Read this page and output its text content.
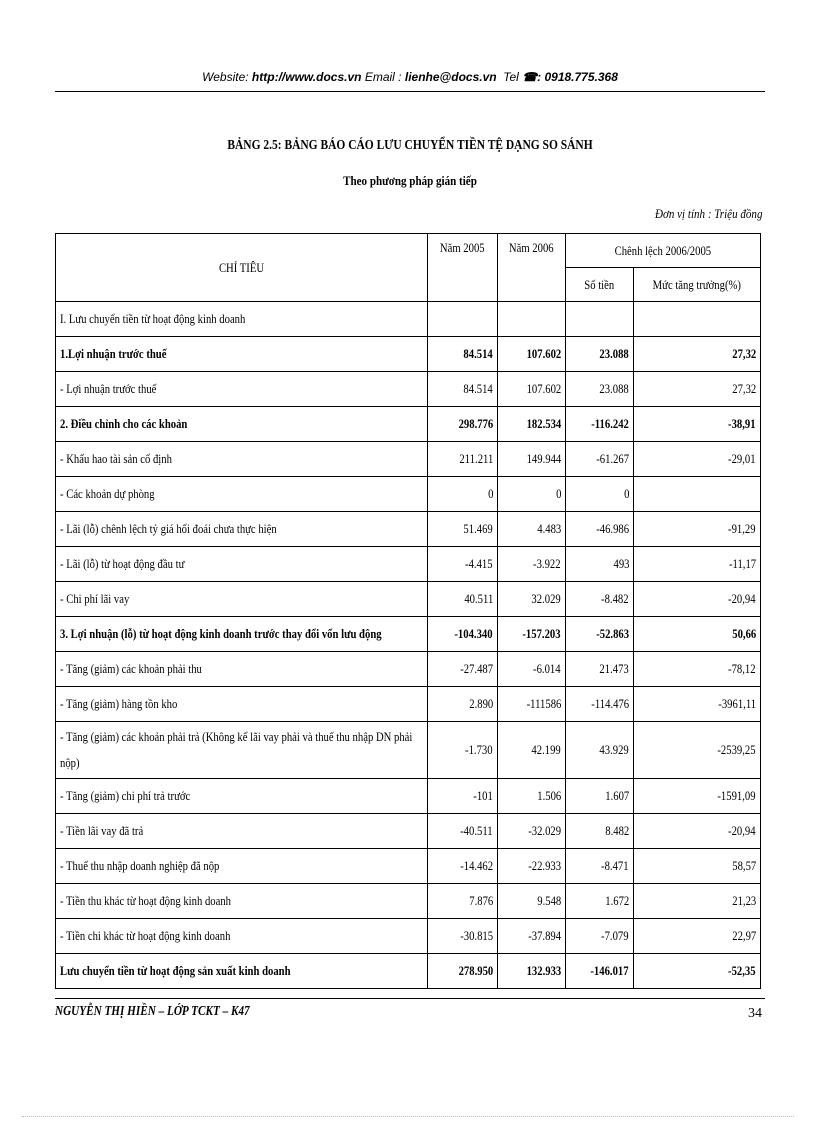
Website: http://www.docs.vn Email : lienhe@docs.vn Tel ☎: 0918.775.368
BẢNG 2.5: BẢNG BÁO CÁO LƯU CHUYỂN TIỀN TỆ DẠNG SO SÁNH
Theo phương pháp gián tiếp
Đơn vị tính : Triệu đồng
CHỈ TIÊU	Năm 2005	Năm 2006	Chênh lệch 2006/2005	
			Số tiền	Mức tăng trưởng(%)
I. Lưu chuyển tiền từ hoạt động kinh doanh				
1.Lợi nhuận trước thuế	84.514	107.602	23.088	27,32
- Lợi nhuận trước thuế	84.514	107.602	23.088	27,32
2. Điều chỉnh cho các khoản	298.776	182.534	-116.242	-38,91
- Khấu hao tài sản cố định	211.211	149.944	-61.267	-29,01
- Các khoản dự phòng	0	0	0	
- Lãi (lỗ) chênh lệch tỷ giá hối đoái chưa thực hiện	51.469	4.483	-46.986	-91,29
- Lãi (lỗ) từ hoạt động đầu tư	-4.415	-3.922	493	-11,17
- Chi phí lãi vay	40.511	32.029	-8.482	-20,94
3. Lợi nhuận (lỗ) từ hoạt động kinh doanh trước thay đổi vốn lưu động	-104.340	-157.203	-52.863	50,66
- Tăng (giảm) các khoản phải thu	-27.487	-6.014	21.473	-78,12
- Tăng (giảm) hàng tồn kho	2.890	-111586	-114.476	-3961,11
- Tăng (giảm) các khoản phải trả (Không kể lãi vay phải và thuế thu nhập DN phải nộp)	-1.730	42.199	43.929	-2539,25
- Tăng (giảm) chi phí trả trước	-101	1.506	1.607	-1591,09
- Tiền lãi vay đã trả	-40.511	-32.029	8.482	-20,94
- Thuế thu nhập doanh nghiệp đã nộp	-14.462	-22.933	-8.471	58,57
- Tiền thu khác từ hoạt động kinh doanh	7.876	9.548	1.672	21,23
- Tiền chi khác từ hoạt động kinh doanh	-30.815	-37.894	-7.079	22,97
Lưu chuyển tiền từ hoạt động sản xuất kinh doanh	278.950	132.933	-146.017	-52,35
NGUYỄN THỊ HIỀN – LỚP TCKT – K47	34
